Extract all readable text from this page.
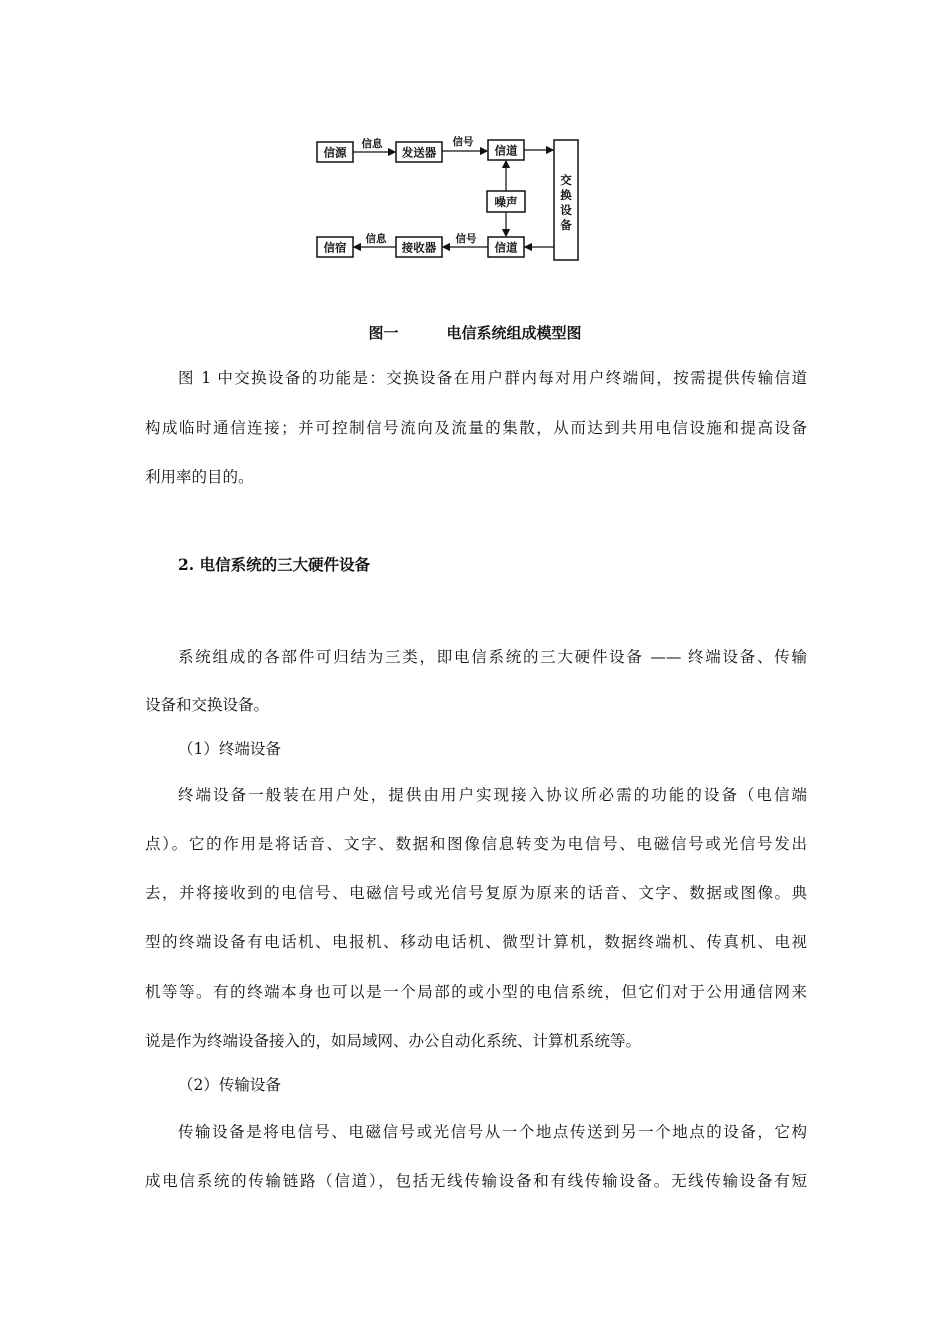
信源	发送器	信道
噪声
信宿	接收器	信道
交
换
设
备
信息	信号
信号
信息
图一	电信系统组成模型图
图 1 中交换设备的功能是：交换设备在用户群内每对用户终端间，按需提供传输信道
构成临时通信连接；并可控制信号流向及流量的集散，从而达到共用电信设施和提高设备
利用率的目的。
2. 电信系统的三大硬件设备
系统组成的各部件可归结为三类，即电信系统的三大硬件设备 —— 终端设备、传输
设备和交换设备。
（1）终端设备
终端设备一般装在用户处，提供由用户实现接入协议所必需的功能的设备（电信端
点）。它的作用是将话音、文字、数据和图像信息转变为电信号、电磁信号或光信号发出
去，并将接收到的电信号、电磁信号或光信号复原为原来的话音、文字、数据或图像。典
型的终端设备有电话机、电报机、移动电话机、微型计算机，数据终端机、传真机、电视
机等等。有的终端本身也可以是一个局部的或小型的电信系统，但它们对于公用通信网来
说是作为终端设备接入的，如局域网、办公自动化系统、计算机系统等。
（2）传输设备
传输设备是将电信号、电磁信号或光信号从一个地点传送到另一个地点的设备，它构
成电信系统的传输链路（信道），包括无线传输设备和有线传输设备。无线传输设备有短
